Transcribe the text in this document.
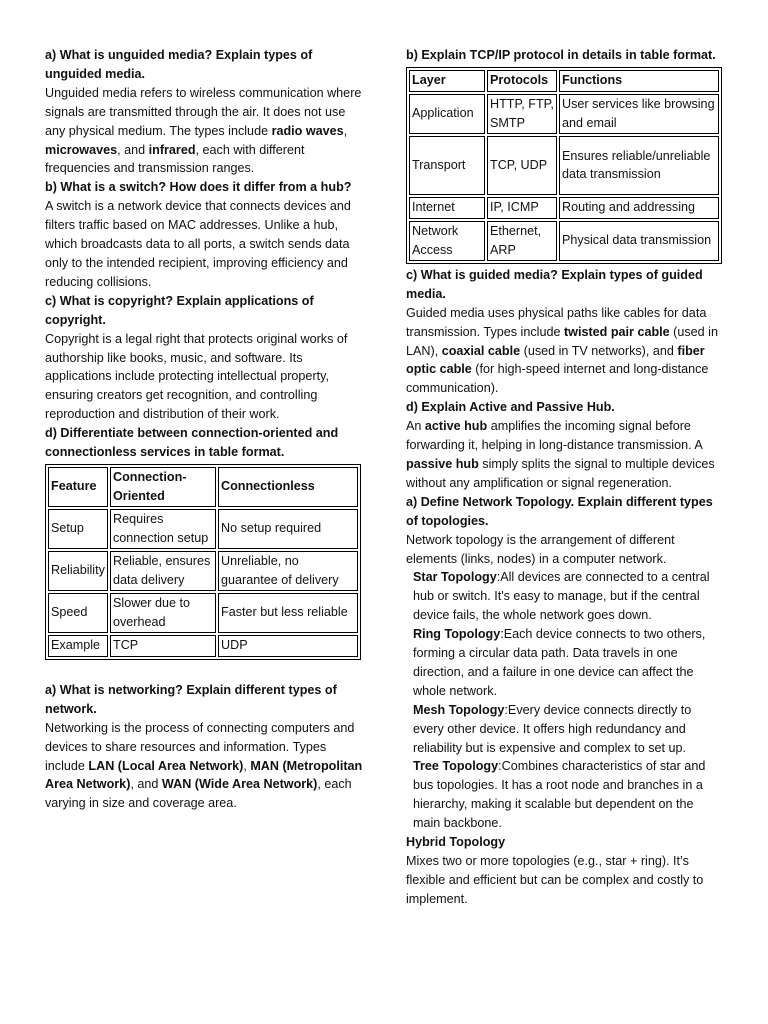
a) What is unguided media? Explain types of unguided media.

Unguided media refers to wireless communication where signals are transmitted through the air. It does not use any physical medium. The types include radio waves, microwaves, and infrared, each with different frequencies and transmission ranges.

b) What is a switch? How does it differ from a hub?

A switch is a network device that connects devices and filters traffic based on MAC addresses. Unlike a hub, which broadcasts data to all ports, a switch sends data only to the intended recipient, improving efficiency and reducing collisions.

c) What is copyright? Explain applications of copyright.

Copyright is a legal right that protects original works of authorship like books, music, and software. Its applications include protecting intellectual property, ensuring creators get recognition, and controlling reproduction and distribution of their work.

d) Differentiate between connection-oriented and connectionless services in table format.

Feature	Connection-Oriented	Connectionless
Setup	Requires connection setup	No setup required
Reliability	Reliable, ensures data delivery	Unreliable, no guarantee of delivery
Speed	Slower due to overhead	Faster but less reliable
Example	TCP	UDP

a) What is networking? Explain different types of network.

Networking is the process of connecting computers and devices to share resources and information. Types include LAN (Local Area Network), MAN (Metropolitan Area Network), and WAN (Wide Area Network), each varying in size and coverage area.

b) Explain TCP/IP protocol in details in table format.

Layer	Protocols	Functions
Application	HTTP, FTP, SMTP	User services like browsing and email
Transport	TCP, UDP	Ensures reliable/unreliable data transmission
Internet	IP, ICMP	Routing and addressing
Network Access	Ethernet, ARP	Physical data transmission

c) What is guided media? Explain types of guided media.

Guided media uses physical paths like cables for data transmission. Types include twisted pair cable (used in LAN), coaxial cable (used in TV networks), and fiber optic cable (for high-speed internet and long-distance communication).

d) Explain Active and Passive Hub.

An active hub amplifies the incoming signal before forwarding it, helping in long-distance transmission. A passive hub simply splits the signal to multiple devices without any amplification or signal regeneration.

a) Define Network Topology. Explain different types of topologies.

Network topology is the arrangement of different elements (links, nodes) in a computer network.

Star Topology:All devices are connected to a central hub or switch. It's easy to manage, but if the central device fails, the whole network goes down.

Ring Topology:Each device connects to two others, forming a circular data path. Data travels in one direction, and a failure in one device can affect the whole network.

Mesh Topology:Every device connects directly to every other device. It offers high redundancy and reliability but is expensive and complex to set up.

Tree Topology:Combines characteristics of star and bus topologies. It has a root node and branches in a hierarchy, making it scalable but dependent on the main backbone.

Hybrid Topology

Mixes two or more topologies (e.g., star + ring). It’s flexible and efficient but can be complex and costly to implement.
